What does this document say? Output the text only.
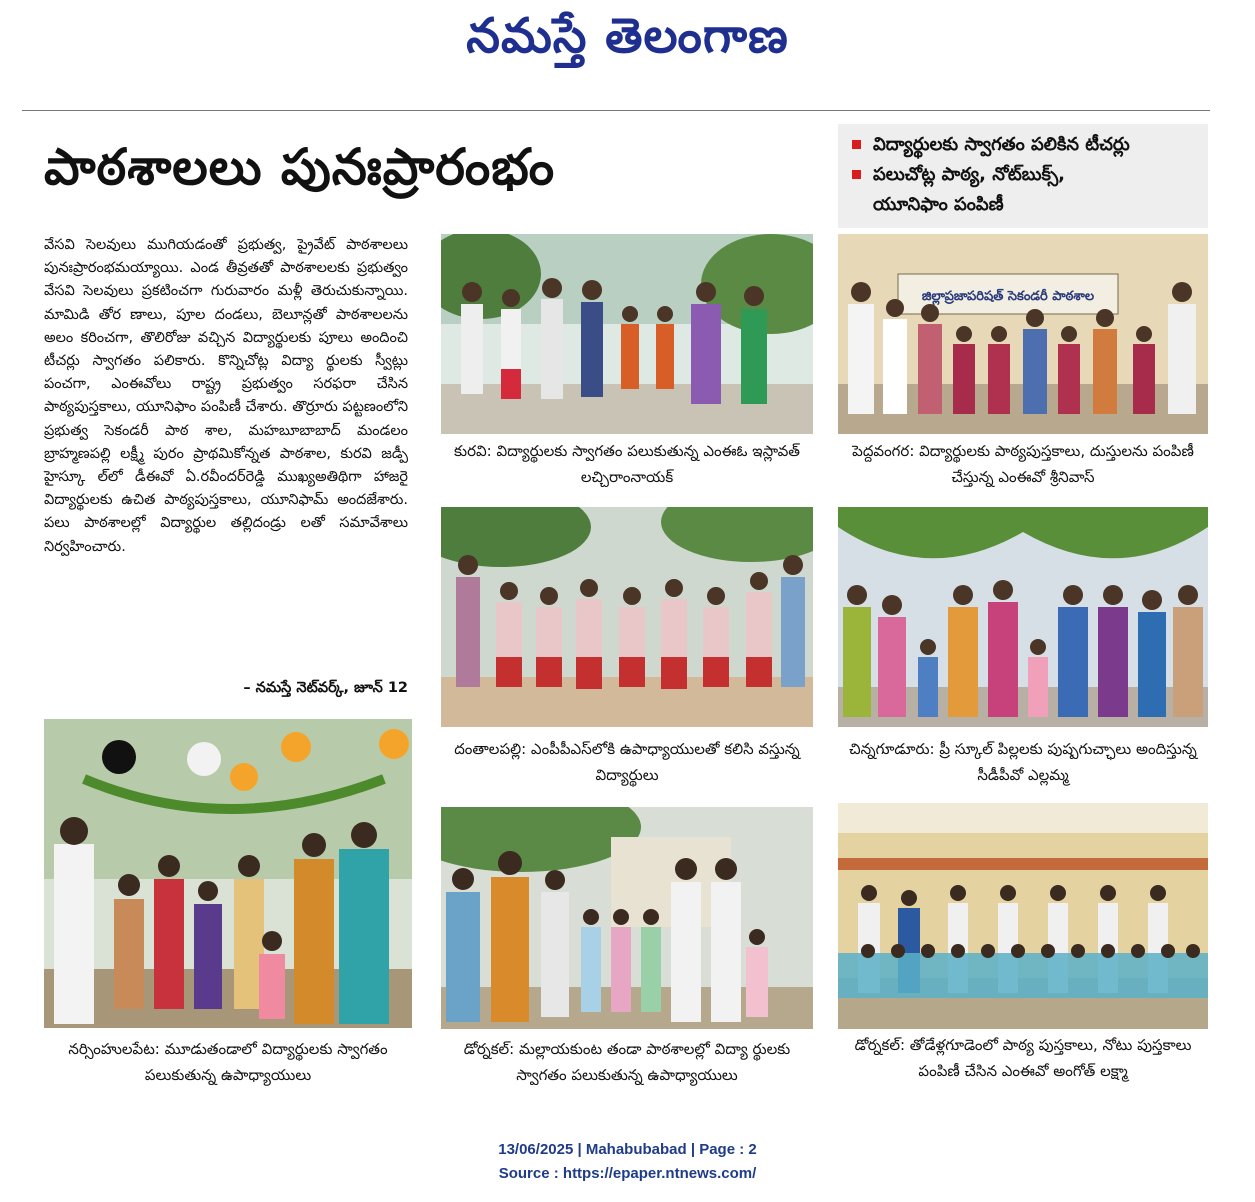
నమస్తే తెలంగాణ
పాఠశాలలు పునఃప్రారంభం	విద్యార్థులకు స్వాగతం పలికిన టీచర్లు
పలుచోట్ల పాఠ్య, నోట్‌బుక్స్,
యూనిఫాం పంపిణీ
వేసవి సెలవులు ముగియడంతో ప్రభుత్వ, ప్రైవేట్ పాఠశాలలు పునఃప్రారంభమయ్యాయి. ఎండ తీవ్రతతో పాఠశాలలకు ప్రభుత్వం వేసవి సెలవులు ప్రకటించగా గురువారం మళ్లీ తెరుచుకున్నాయి. మామిడి తోర ణాలు, పూల దండలు, బెలూన్లతో పాఠశాలలను అలం కరించగా, తొలిరోజు వచ్చిన విద్యార్థులకు పూలు అందించి టీచర్లు స్వాగతం పలికారు. కొన్నిచోట్ల విద్యా ర్థులకు స్వీట్లు పంచగా, ఎంఈవోలు రాష్ట్ర ప్రభుత్వం సరఫరా చేసిన పాఠ్యపుస్తకాలు, యూనిఫాం పంపిణీ చేశారు. తొర్రూరు పట్టణంలోని ప్రభుత్వ సెకండరీ పాఠ శాల, మహబూబాబాద్ మండలం బ్రాహ్మణపల్లి లక్ష్మీ పురం ప్రాథమికోన్నత పాఠశాల, కురవి జడ్పీ హైస్కూ ల్‌లో డీఈవో ఏ.రవీందర్‌రెడ్డి ముఖ్యఅతిథిగా హాజరై విద్యార్థులకు ఉచిత పాఠ్యపుస్తకాలు, యూనిఫామ్ అందజేశారు. పలు పాఠశాలల్లో విద్యార్థుల తల్లిదండ్రు లతో సమావేశాలు నిర్వహించారు.
– నమస్తే నెట్‌వర్క్, జూన్ 12
కురవి: విద్యార్థులకు స్వాగతం పలుకుతున్న ఎంఈఓ ఇస్లావత్ లచ్చిరాంనాయక్
జిల్లాప్రజాపరిషత్ సెకండరీ పాఠశాల
పెద్దవంగర: విద్యార్థులకు పాఠ్యపుస్తకాలు, దుస్తులను పంపిణీ చేస్తున్న ఎంఈవో శ్రీనివాస్
దంతాలపల్లి: ఎంపీపీఎస్‌లోకి ఉపాధ్యాయులతో కలిసి వస్తున్న విద్యార్థులు
చిన్నగూడూరు: ప్రీ స్కూల్ పిల్లలకు పుష్పగుచ్ఛాలు అందిస్తున్న సీడీపీవో ఎల్లమ్మ
నర్సింహులపేట: మూడుతండాలో విద్యార్థులకు స్వాగతం పలుకుతున్న ఉపాధ్యాయులు
డోర్నకల్: మల్లాయకుంట తండా పాఠశాలల్లో విద్యా ర్థులకు స్వాగతం పలుకుతున్న ఉపాధ్యాయులు
డోర్నకల్: తోడేళ్లగూడెంలో పాఠ్య పుస్తకాలు, నోటు పుస్తకాలు పంపిణీ చేసిన ఎంఈవో అంగోత్ లక్ష్మా
13/06/2025 | Mahabubabad | Page : 2
Source : https://epaper.ntnews.com/
